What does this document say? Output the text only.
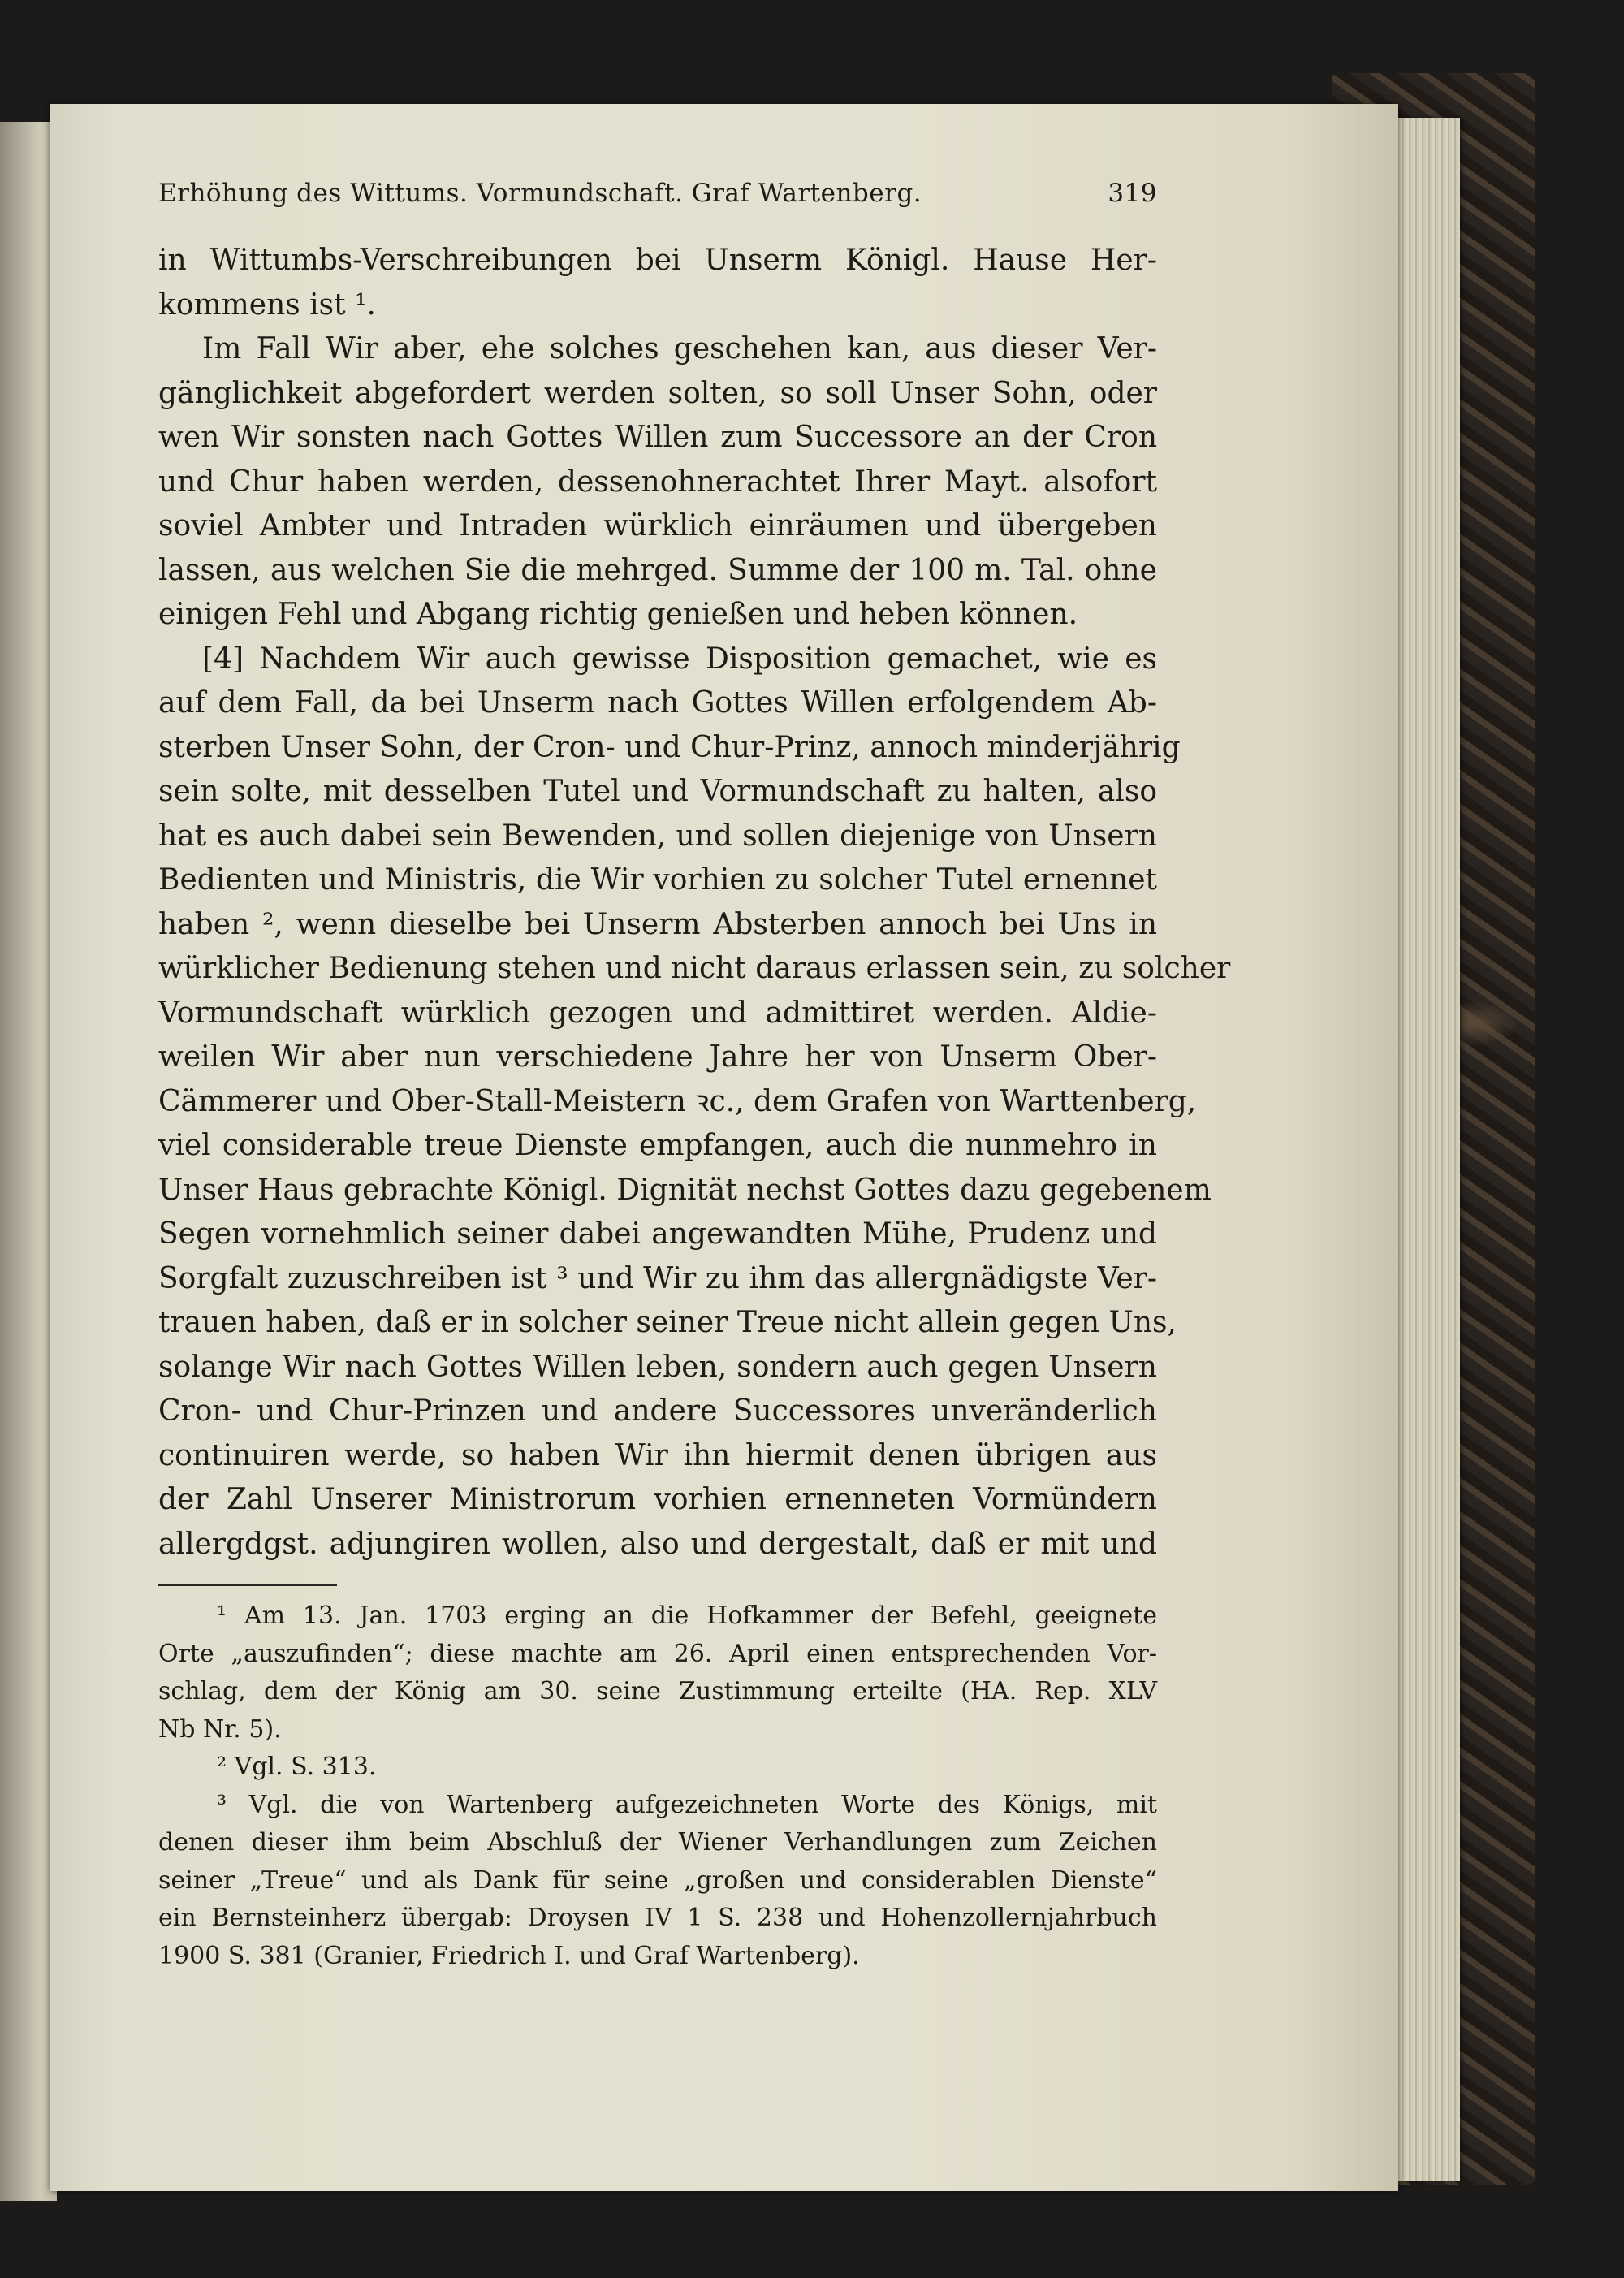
Erhöhung des Wittums. Vormundschaft. Graf Wartenberg.	319
in Wittumbs-Verschreibungen bei Unserm Königl. Hause Her-
kommens ist ¹.
Im Fall Wir aber, ehe solches geschehen kan, aus dieser Ver-
gänglichkeit abgefordert werden solten, so soll Unser Sohn, oder
wen Wir sonsten nach Gottes Willen zum Successore an der Cron
und Chur haben werden, dessenohnerachtet Ihrer Mayt. alsofort
soviel Ambter und Intraden würklich einräumen und übergeben
lassen, aus welchen Sie die mehrged. Summe der 100 m. Tal. ohne
einigen Fehl und Abgang richtig genießen und heben können.
[4] Nachdem Wir auch gewisse Disposition gemachet, wie es
auf dem Fall, da bei Unserm nach Gottes Willen erfolgendem Ab-
sterben Unser Sohn, der Cron- und Chur-Prinz, annoch minderjährig
sein solte, mit desselben Tutel und Vormundschaft zu halten, also
hat es auch dabei sein Bewenden, und sollen diejenige von Unsern
Bedienten und Ministris, die Wir vorhien zu solcher Tutel ernennet
haben ², wenn dieselbe bei Unserm Absterben annoch bei Uns in
würklicher Bedienung stehen und nicht daraus erlassen sein, zu solcher
Vormundschaft würklich gezogen und admittiret werden. Aldie-
weilen Wir aber nun verschiedene Jahre her von Unserm Ober-
Cämmerer und Ober-Stall-Meistern ꝛc., dem Grafen von Warttenberg,
viel considerable treue Dienste empfangen, auch die nunmehro in
Unser Haus gebrachte Königl. Dignität nechst Gottes dazu gegebenem
Segen vornehmlich seiner dabei angewandten Mühe, Prudenz und
Sorgfalt zuzuschreiben ist ³ und Wir zu ihm das allergnädigste Ver-
trauen haben, daß er in solcher seiner Treue nicht allein gegen Uns,
solange Wir nach Gottes Willen leben, sondern auch gegen Unsern
Cron- und Chur-Prinzen und andere Successores unveränderlich
continuiren werde, so haben Wir ihn hiermit denen übrigen aus
der Zahl Unserer Ministrorum vorhien ernenneten Vormündern
allergdgst. adjungiren wollen, also und dergestalt, daß er mit und
¹ Am 13. Jan. 1703 erging an die Hofkammer der Befehl, geeignete
Orte „auszufinden“; diese machte am 26. April einen entsprechenden Vor-
schlag, dem der König am 30. seine Zustimmung erteilte (HA. Rep. XLV
Nb Nr. 5).
² Vgl. S. 313.
³ Vgl. die von Wartenberg aufgezeichneten Worte des Königs, mit
denen dieser ihm beim Abschluß der Wiener Verhandlungen zum Zeichen
seiner „Treue“ und als Dank für seine „großen und considerablen Dienste“
ein Bernsteinherz übergab: Droysen IV 1 S. 238 und Hohenzollernjahrbuch
1900 S. 381 (Granier, Friedrich I. und Graf Wartenberg).
